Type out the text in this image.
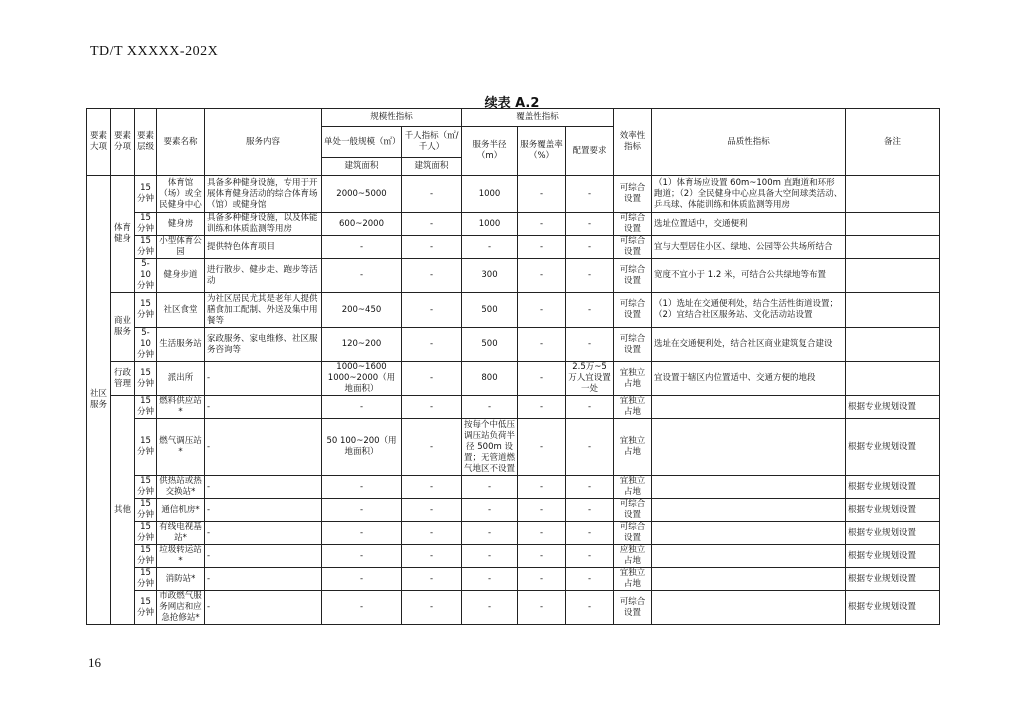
TD/T XXXXX-202X
续表 A.2
要素大项	要素分项	要素层级	要素名称	服务内容	规模性指标		覆盖性指标			效率性指标	品质性指标	备注
					单处一般规模（㎡）	千人指标（㎡/千人）	服务半径（m）	服务覆盖率（%）	配置要求			
					建筑面积	建筑面积						
社区服务	体育健身	15分钟	体育馆（场）或全民健身中心	具备多种健身设施，专用于开展体育健身活动的综合体育场（馆）或健身馆	2000~5000	-	1000	-	-	可综合设置	（1）体育场应设置 60m~100m 直跑道和环形跑道；（2）全民健身中心应具备大空间球类活动、乒乓球、体能训练和体质监测等用房	
		15分钟	健身房	具备多种健身设施，以及体能训练和体质监测等用房	600~2000	-	1000	-	-	可综合设置	选址位置适中，交通便利	
		15分钟	小型体育公园	提供特色体育项目	-	-	-	-	-	可综合设置	宜与大型居住小区、绿地、公园等公共场所结合	
		5-10分钟	健身步道	进行散步、健步走、跑步等活动	-	-	300	-	-	可综合设置	宽度不宜小于 1.2 米，可结合公共绿地等布置	
	商业服务	15分钟	社区食堂	为社区居民尤其是老年人提供膳食加工配制、外送及集中用餐等	200~450	-	500	-	-	可综合设置	（1）选址在交通便利处，结合生活性街道设置；（2）宜结合社区服务站、文化活动站设置	
		5-10分钟	生活服务站	家政服务、家电维修、社区服务咨询等	120~200	-	500	-	-	可综合设置	选址在交通便利处，结合社区商业建筑复合建设	
	行政管理	15分钟	派出所	-	1000~1600 1000~2000（用地面积）	-	800	-	2.5万~5万人宜设置一处	宜独立占地	宜设置于辖区内位置适中、交通方便的地段	
	其他	15分钟	燃料供应站*	-	-	-	-	-	-	宜独立占地		根据专业规划设置
		15分钟	燃气调压站*	-	50 100~200（用地面积）	-	按每个中低压调压站负荷半径 500m 设置；无管道燃气地区不设置	-	-	宜独立占地		根据专业规划设置
		15分钟	供热站或热交换站*	-	-	-	-	-	-	宜独立占地		根据专业规划设置
		15分钟	通信机房*	-	-	-	-	-	-	可综合设置		根据专业规划设置
		15分钟	有线电视基站*	-	-	-	-	-	-	可综合设置		根据专业规划设置
		15分钟	垃圾转运站*	-	-	-	-	-	-	应独立占地		根据专业规划设置
		15分钟	消防站*	-	-	-	-	-	-	宜独立占地		根据专业规划设置
		15分钟	市政燃气服务网店和应急抢修站*	-	-	-	-	-	-	可综合设置		根据专业规划设置
16
